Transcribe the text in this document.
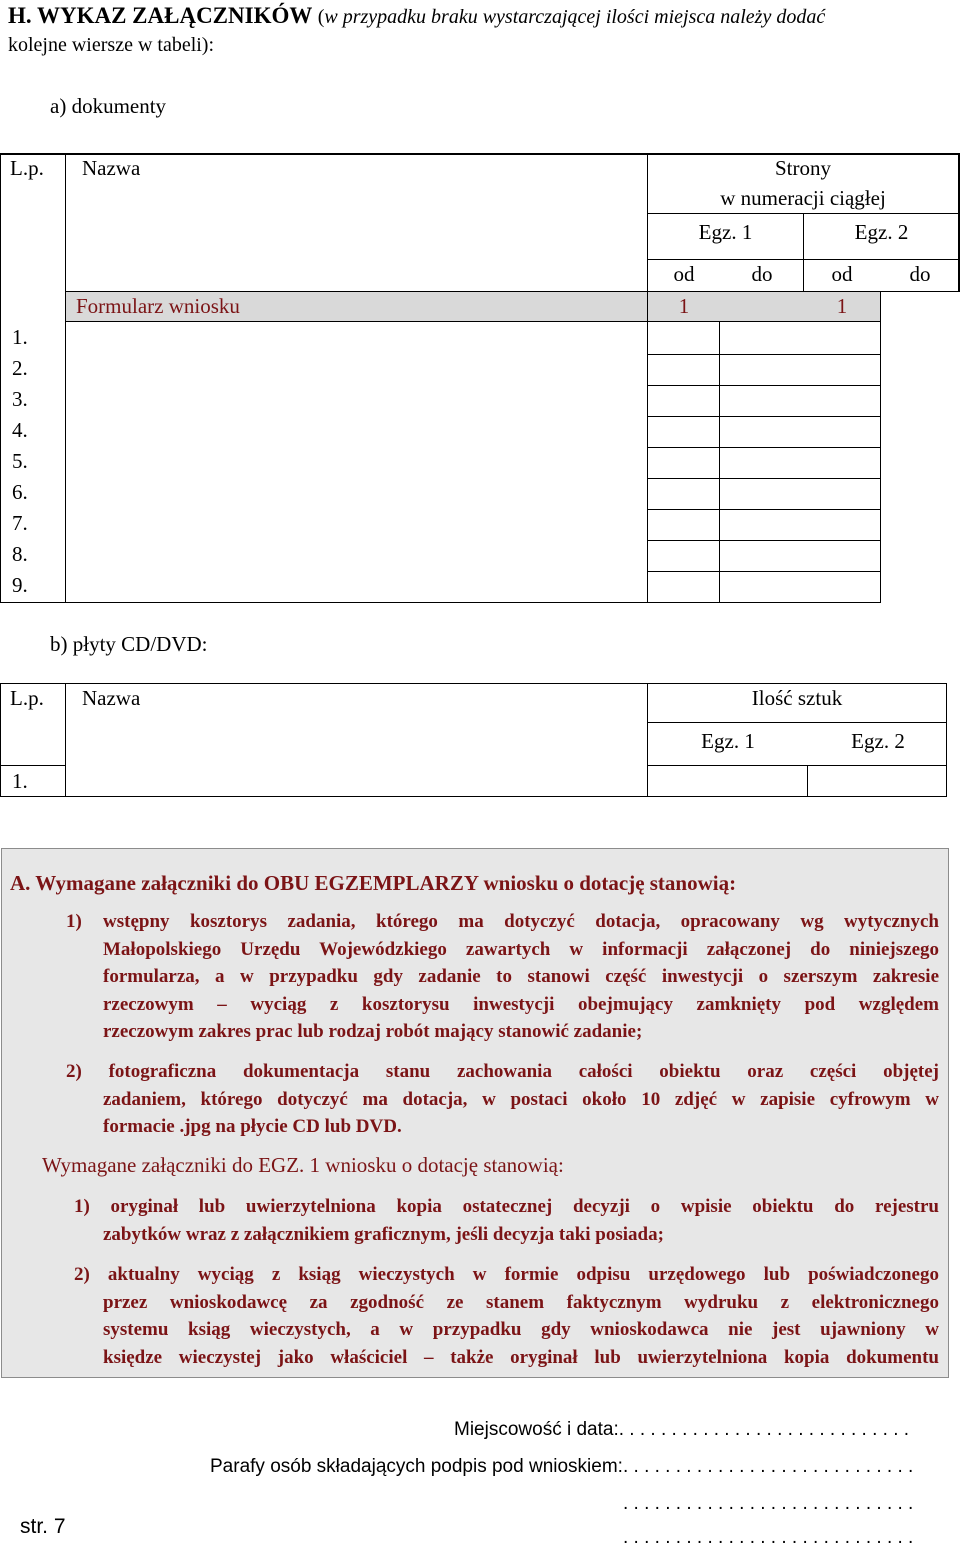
H. WYKAZ ZAŁĄCZNIKÓW (w przypadku braku wystarczającej ilości miejsca należy dodać
kolejne wiersze w tabeli):
a) dokumenty
L.p. Nazwa	Strony
w numeracji ciągłej
Egz. 1	Egz. 2
od	do	od	do
Formularz wniosku	1	1
1.
2.
3.
4.
5.
6.
7.
8.
9.
b) płyty CD/DVD:
L.p. Nazwa	Ilość sztuk
Egz. 1	Egz. 2
1.
A. Wymagane załączniki do OBU EGZEMPLARZY wniosku o dotację stanowią:
1) wstępny kosztorys zadania, którego ma dotyczyć dotacja, opracowany wg wytycznych
Małopolskiego Urzędu Wojewódzkiego zawartych w informacji załączonej do niniejszego
formularza, a w przypadku gdy zadanie to stanowi część inwestycji o szerszym zakresie
rzeczowym – wyciąg z kosztorysu inwestycji obejmujący zamknięty pod względem
rzeczowym zakres prac lub rodzaj robót mający stanowić zadanie;
2) fotograficzna dokumentacja stanu zachowania całości obiektu oraz części objętej
zadaniem, którego dotyczyć ma dotacja, w postaci około 10 zdjęć w zapisie cyfrowym w
formacie .jpg na płycie CD lub DVD.
Wymagane załączniki do EGZ. 1 wniosku o dotację stanowią:
1) oryginał lub uwierzytelniona kopia ostatecznej decyzji o wpisie obiektu do rejestru
zabytków wraz z załącznikiem graficznym, jeśli decyzja taki posiada;
2) aktualny wyciąg z ksiąg wieczystych w formie odpisu urzędowego lub poświadczonego
przez wnioskodawcę za zgodność ze stanem faktycznym wydruku z elektronicznego
systemu ksiąg wieczystych, a w przypadku gdy wnioskodawca nie jest ujawniony w
księdze wieczystej jako właściciel – także oryginał lub uwierzytelniona kopia dokumentu
Miejscowość i data:. . . . . . . . . . . . . . . . . . . . . . . . . . . .
Parafy osób składających podpis pod wnioskiem:. . . . . . . . . . . . . . . . . . . . . . . . . . . .
. . . . . . . . . . . . . . . . . . . . . . . . . . . .
. . . . . . . . . . . . . . . . . . . . . . . . . . . .
str. 7
